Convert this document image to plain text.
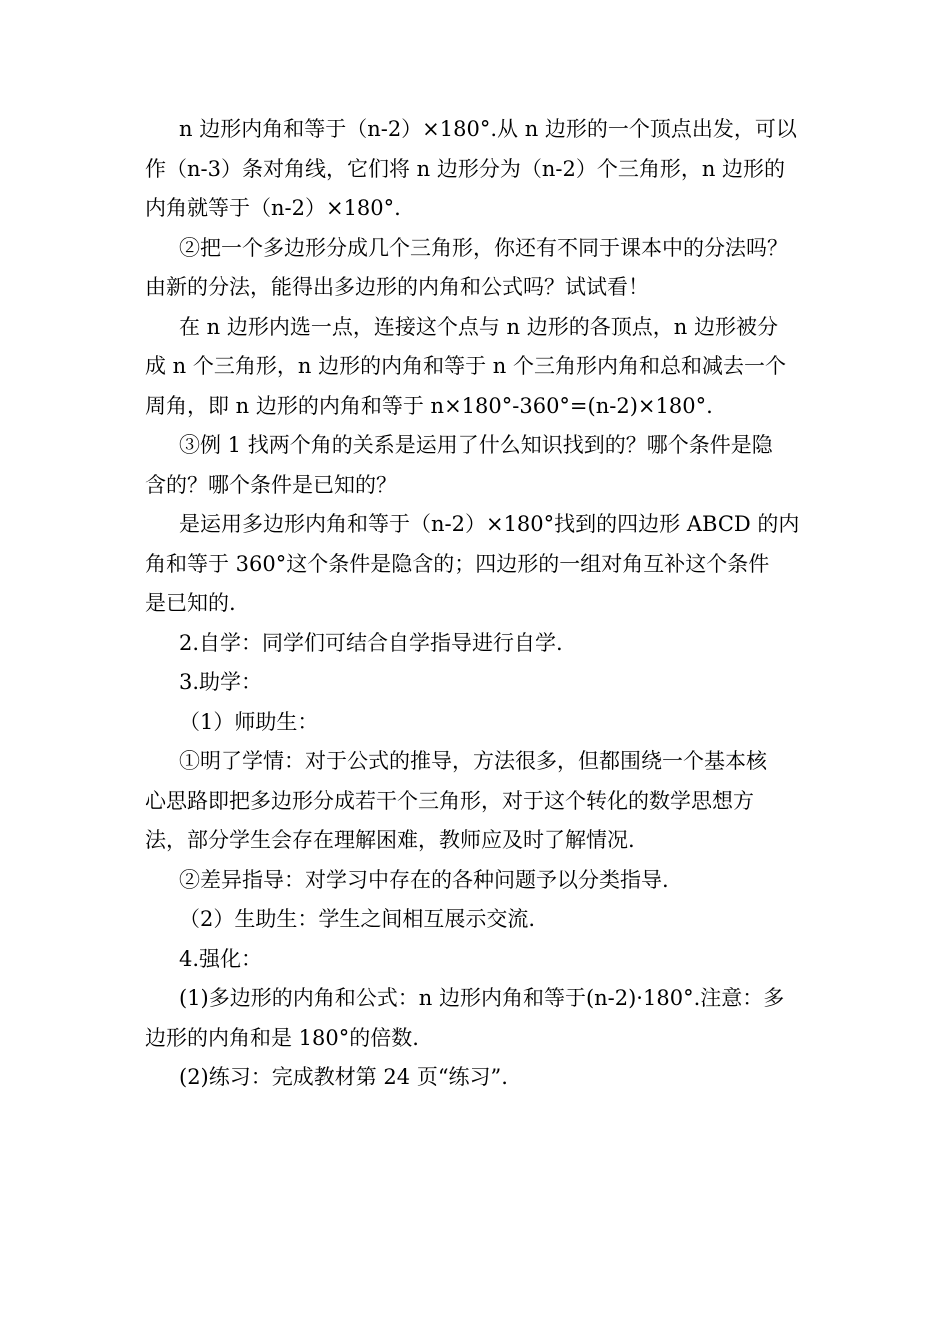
n 边形内角和等于（n-2）×180°.从 n 边形的一个顶点出发，可以
作（n-3）条对角线，它们将 n 边形分为（n-2）个三角形，n 边形的
内角就等于（n-2）×180°.

②把一个多边形分成几个三角形，你还有不同于课本中的分法吗？
由新的分法，能得出多边形的内角和公式吗？试试看！

在 n 边形内选一点，连接这个点与 n 边形的各顶点，n 边形被分
成 n 个三角形，n 边形的内角和等于 n 个三角形内角和总和减去一个
周角，即 n 边形的内角和等于 n×180°-360°=(n-2)×180°.

③例 1 找两个角的关系是运用了什么知识找到的？哪个条件是隐
含的？哪个条件是已知的？

是运用多边形内角和等于（n-2）×180°找到的四边形 ABCD 的内
角和等于 360°这个条件是隐含的；四边形的一组对角互补这个条件
是已知的.

2.自学：同学们可结合自学指导进行自学.

3.助学：

（1）师助生：

①明了学情：对于公式的推导，方法很多，但都围绕一个基本核
心思路即把多边形分成若干个三角形，对于这个转化的数学思想方
法，部分学生会存在理解困难，教师应及时了解情况.

②差异指导：对学习中存在的各种问题予以分类指导.

（2）生助生：学生之间相互展示交流.

4.强化：

(1)多边形的内角和公式：n 边形内角和等于(n-2)·180°.注意：多
边形的内角和是 180°的倍数.

(2)练习：完成教材第 24 页“练习”.
